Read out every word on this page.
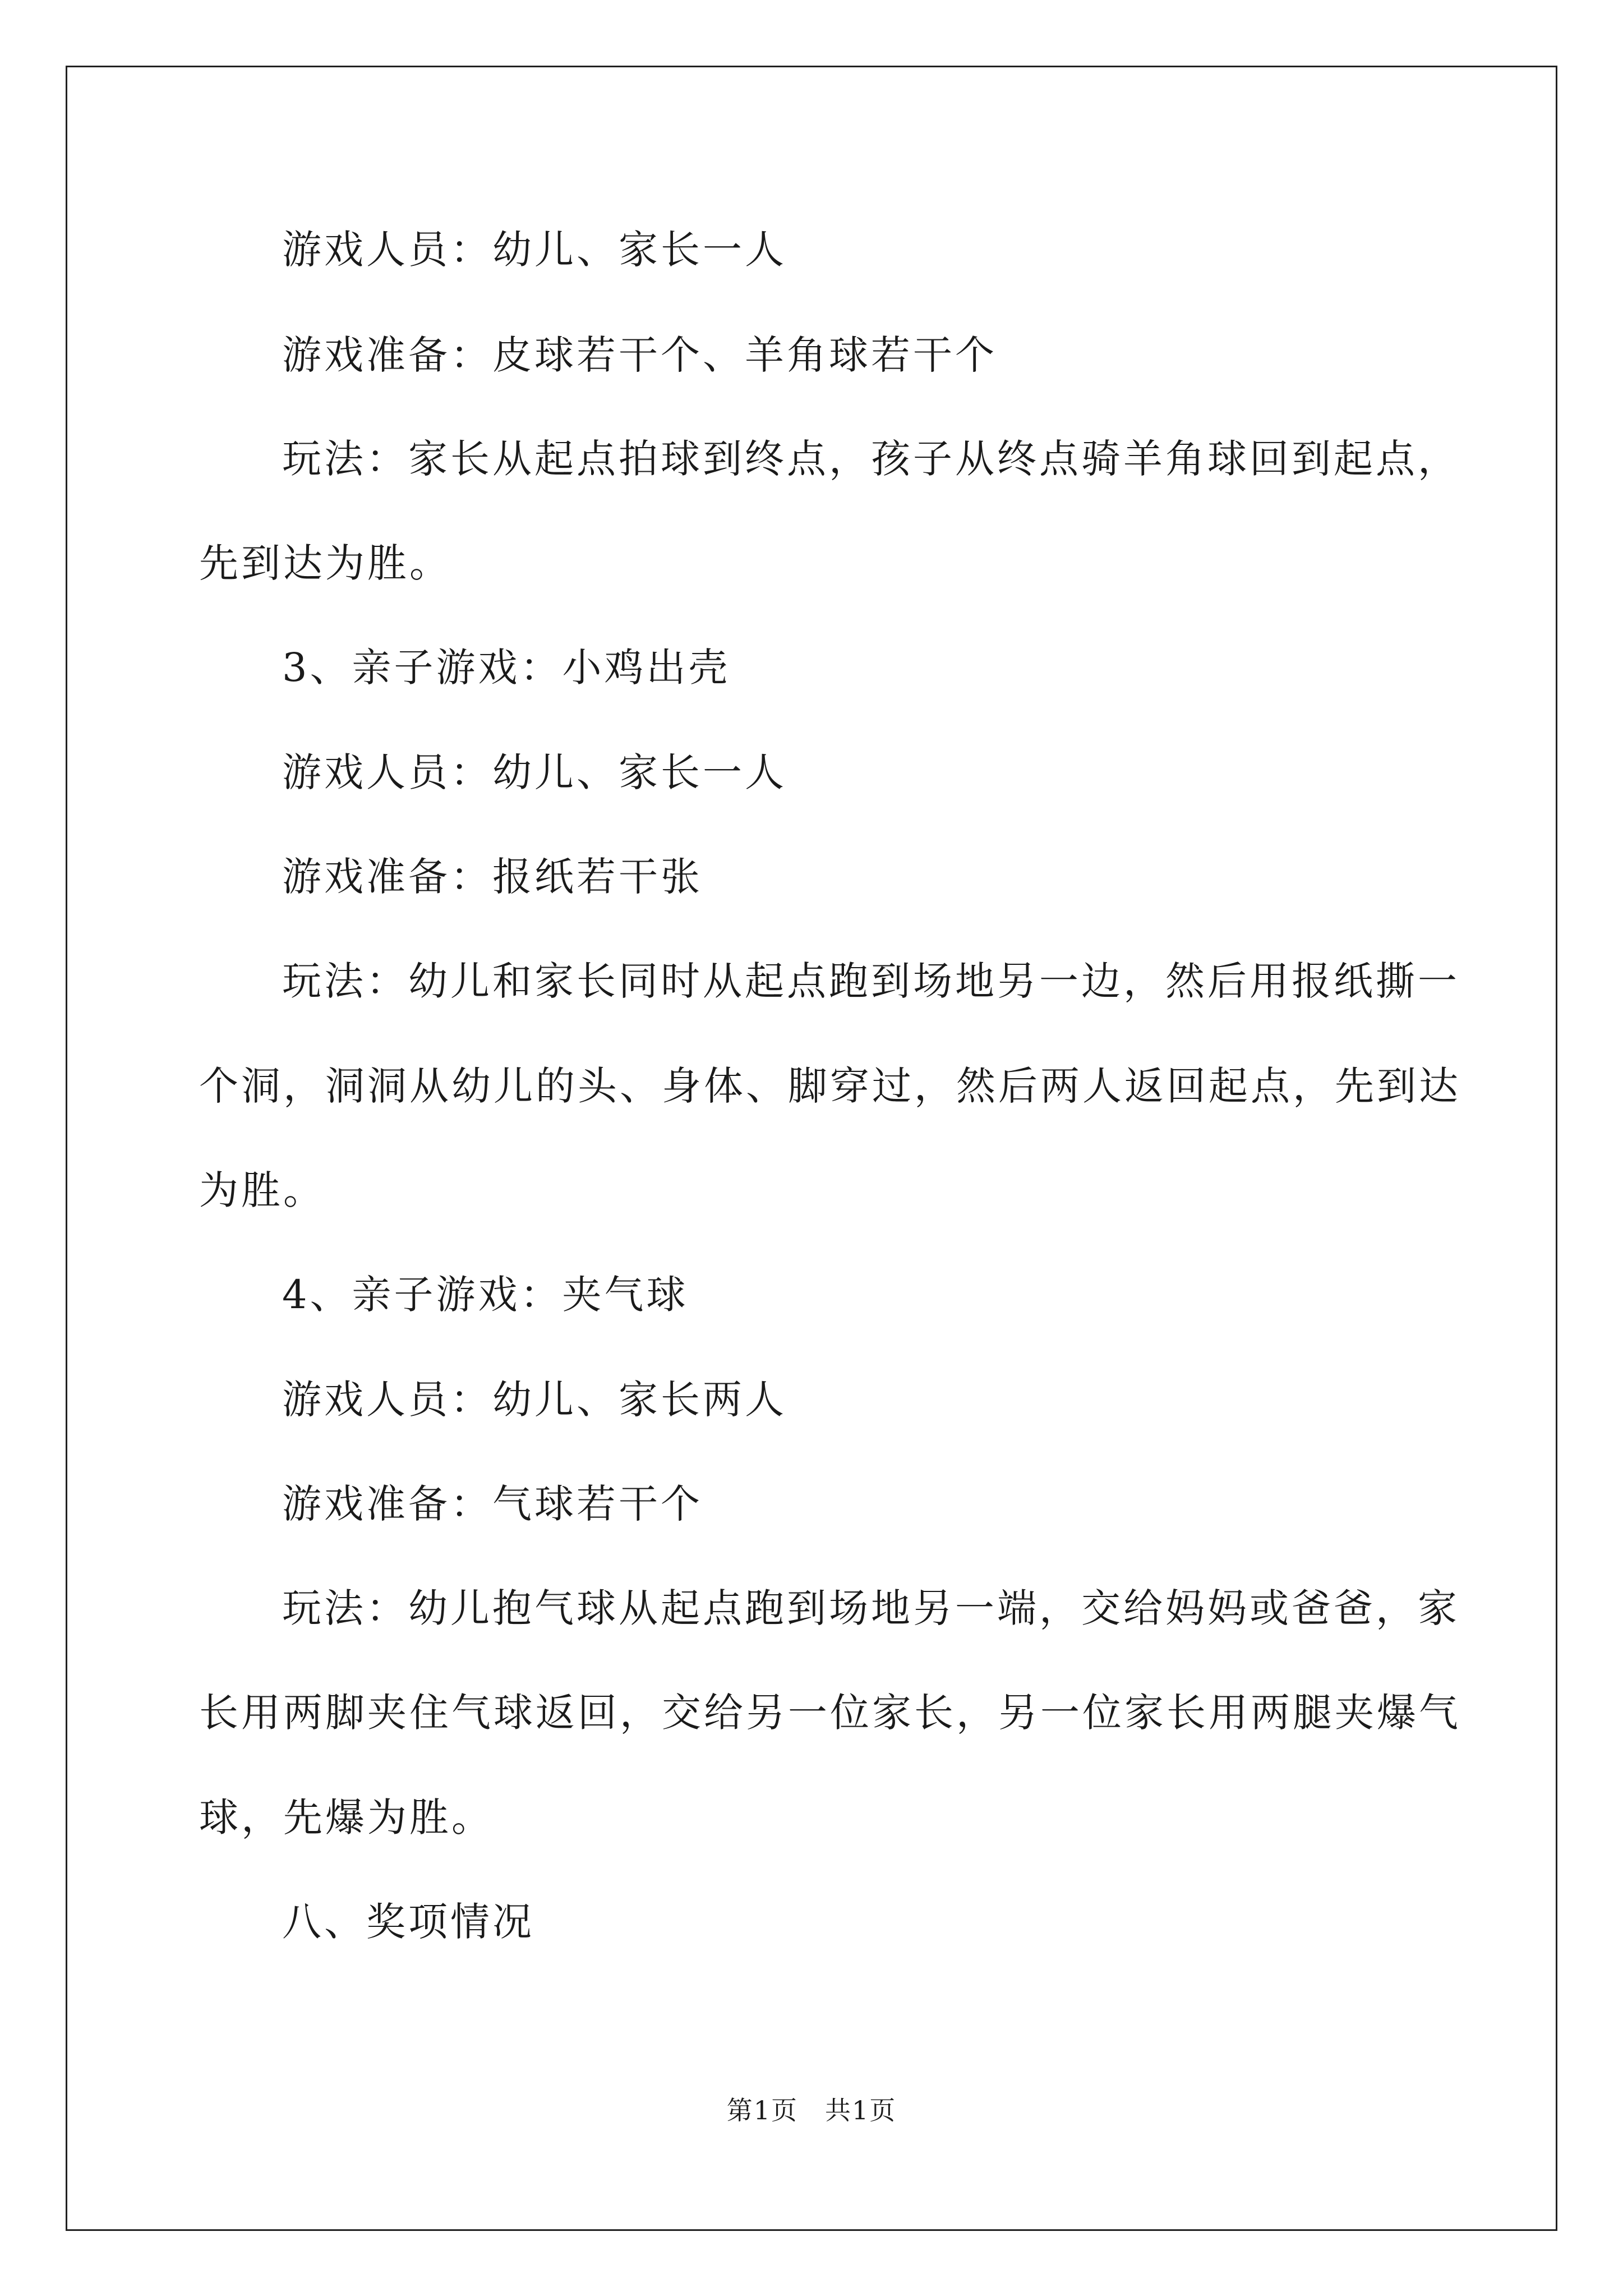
游戏人员：幼儿、家长一人
游戏准备：皮球若干个、羊角球若干个
玩法：家长从起点拍球到终点，孩子从终点骑羊角球回到起点，
先到达为胜。
3、亲子游戏：小鸡出壳
游戏人员：幼儿、家长一人
游戏准备：报纸若干张
玩法：幼儿和家长同时从起点跑到场地另一边，然后用报纸撕一
个洞，洞洞从幼儿的头、身体、脚穿过，然后两人返回起点，先到达
为胜。
4、亲子游戏：夹气球
游戏人员：幼儿、家长两人
游戏准备：气球若干个
玩法：幼儿抱气球从起点跑到场地另一端，交给妈妈或爸爸，家
长用两脚夹住气球返回，交给另一位家长，另一位家长用两腿夹爆气
球，先爆为胜。
八、奖项情况
第1页　共1页
